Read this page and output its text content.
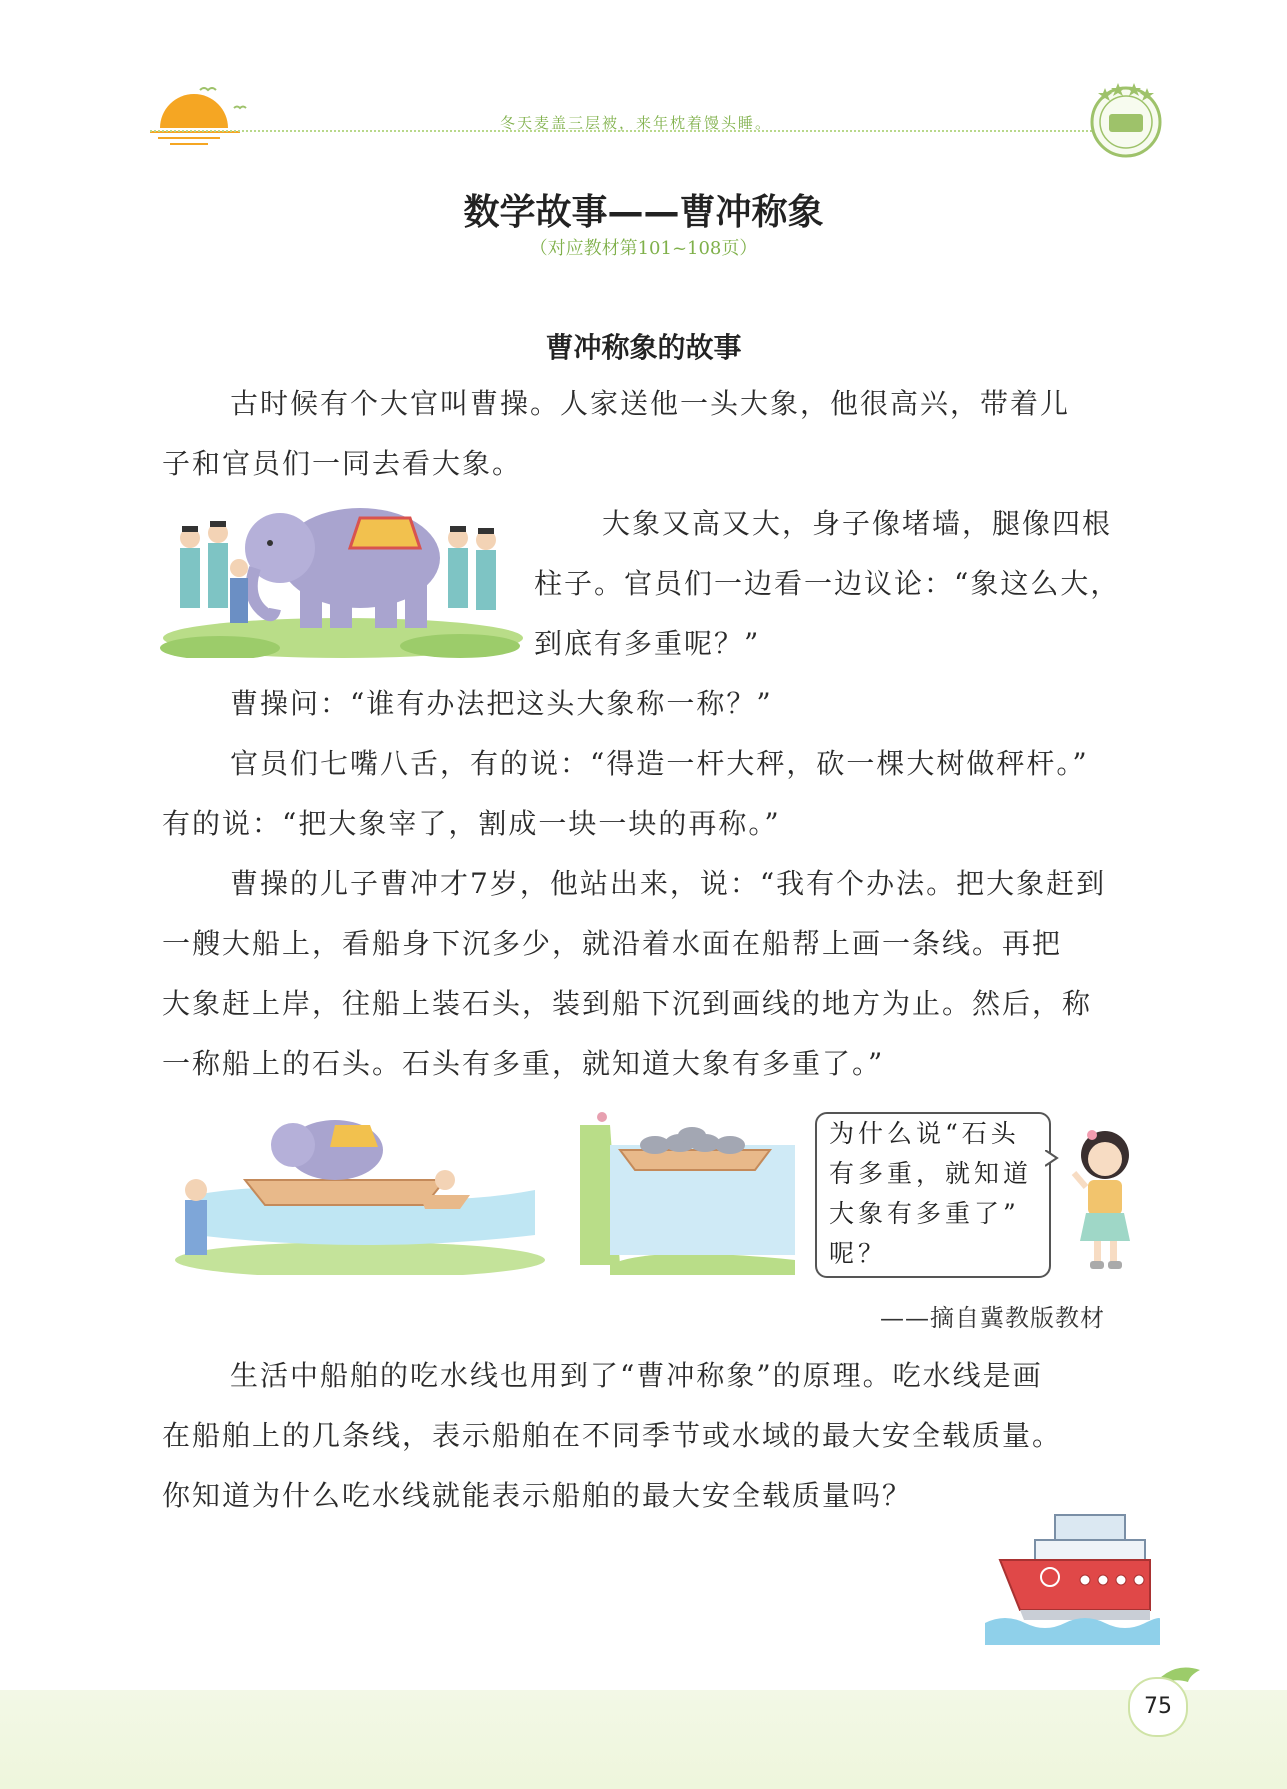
冬天麦盖三层被，来年枕着馒头睡。
数学故事——曹冲称象
（对应教材第101~108页）
曹冲称象的故事
古时候有个大官叫曹操。人家送他一头大象，他很高兴，带着儿
子和官员们一同去看大象。
大象又高又大，身子像堵墙，腿像四根
柱子。官员们一边看一边议论：“象这么大，
到底有多重呢？”
曹操问：“谁有办法把这头大象称一称？”
官员们七嘴八舌，有的说：“得造一杆大秤，砍一棵大树做秤杆。”
有的说：“把大象宰了，割成一块一块的再称。”
曹操的儿子曹冲才7岁，他站出来，说：“我有个办法。把大象赶到
一艘大船上，看船身下沉多少，就沿着水面在船帮上画一条线。再把
大象赶上岸，往船上装石头，装到船下沉到画线的地方为止。然后，称
一称船上的石头。石头有多重，就知道大象有多重了。”
为什么说“石头
有多重，就知道
大象有多重了”
呢？
——摘自冀教版教材
生活中船舶的吃水线也用到了“曹冲称象”的原理。吃水线是画
在船舶上的几条线，表示船舶在不同季节或水域的最大安全载质量。
你知道为什么吃水线就能表示船舶的最大安全载质量吗？
75
